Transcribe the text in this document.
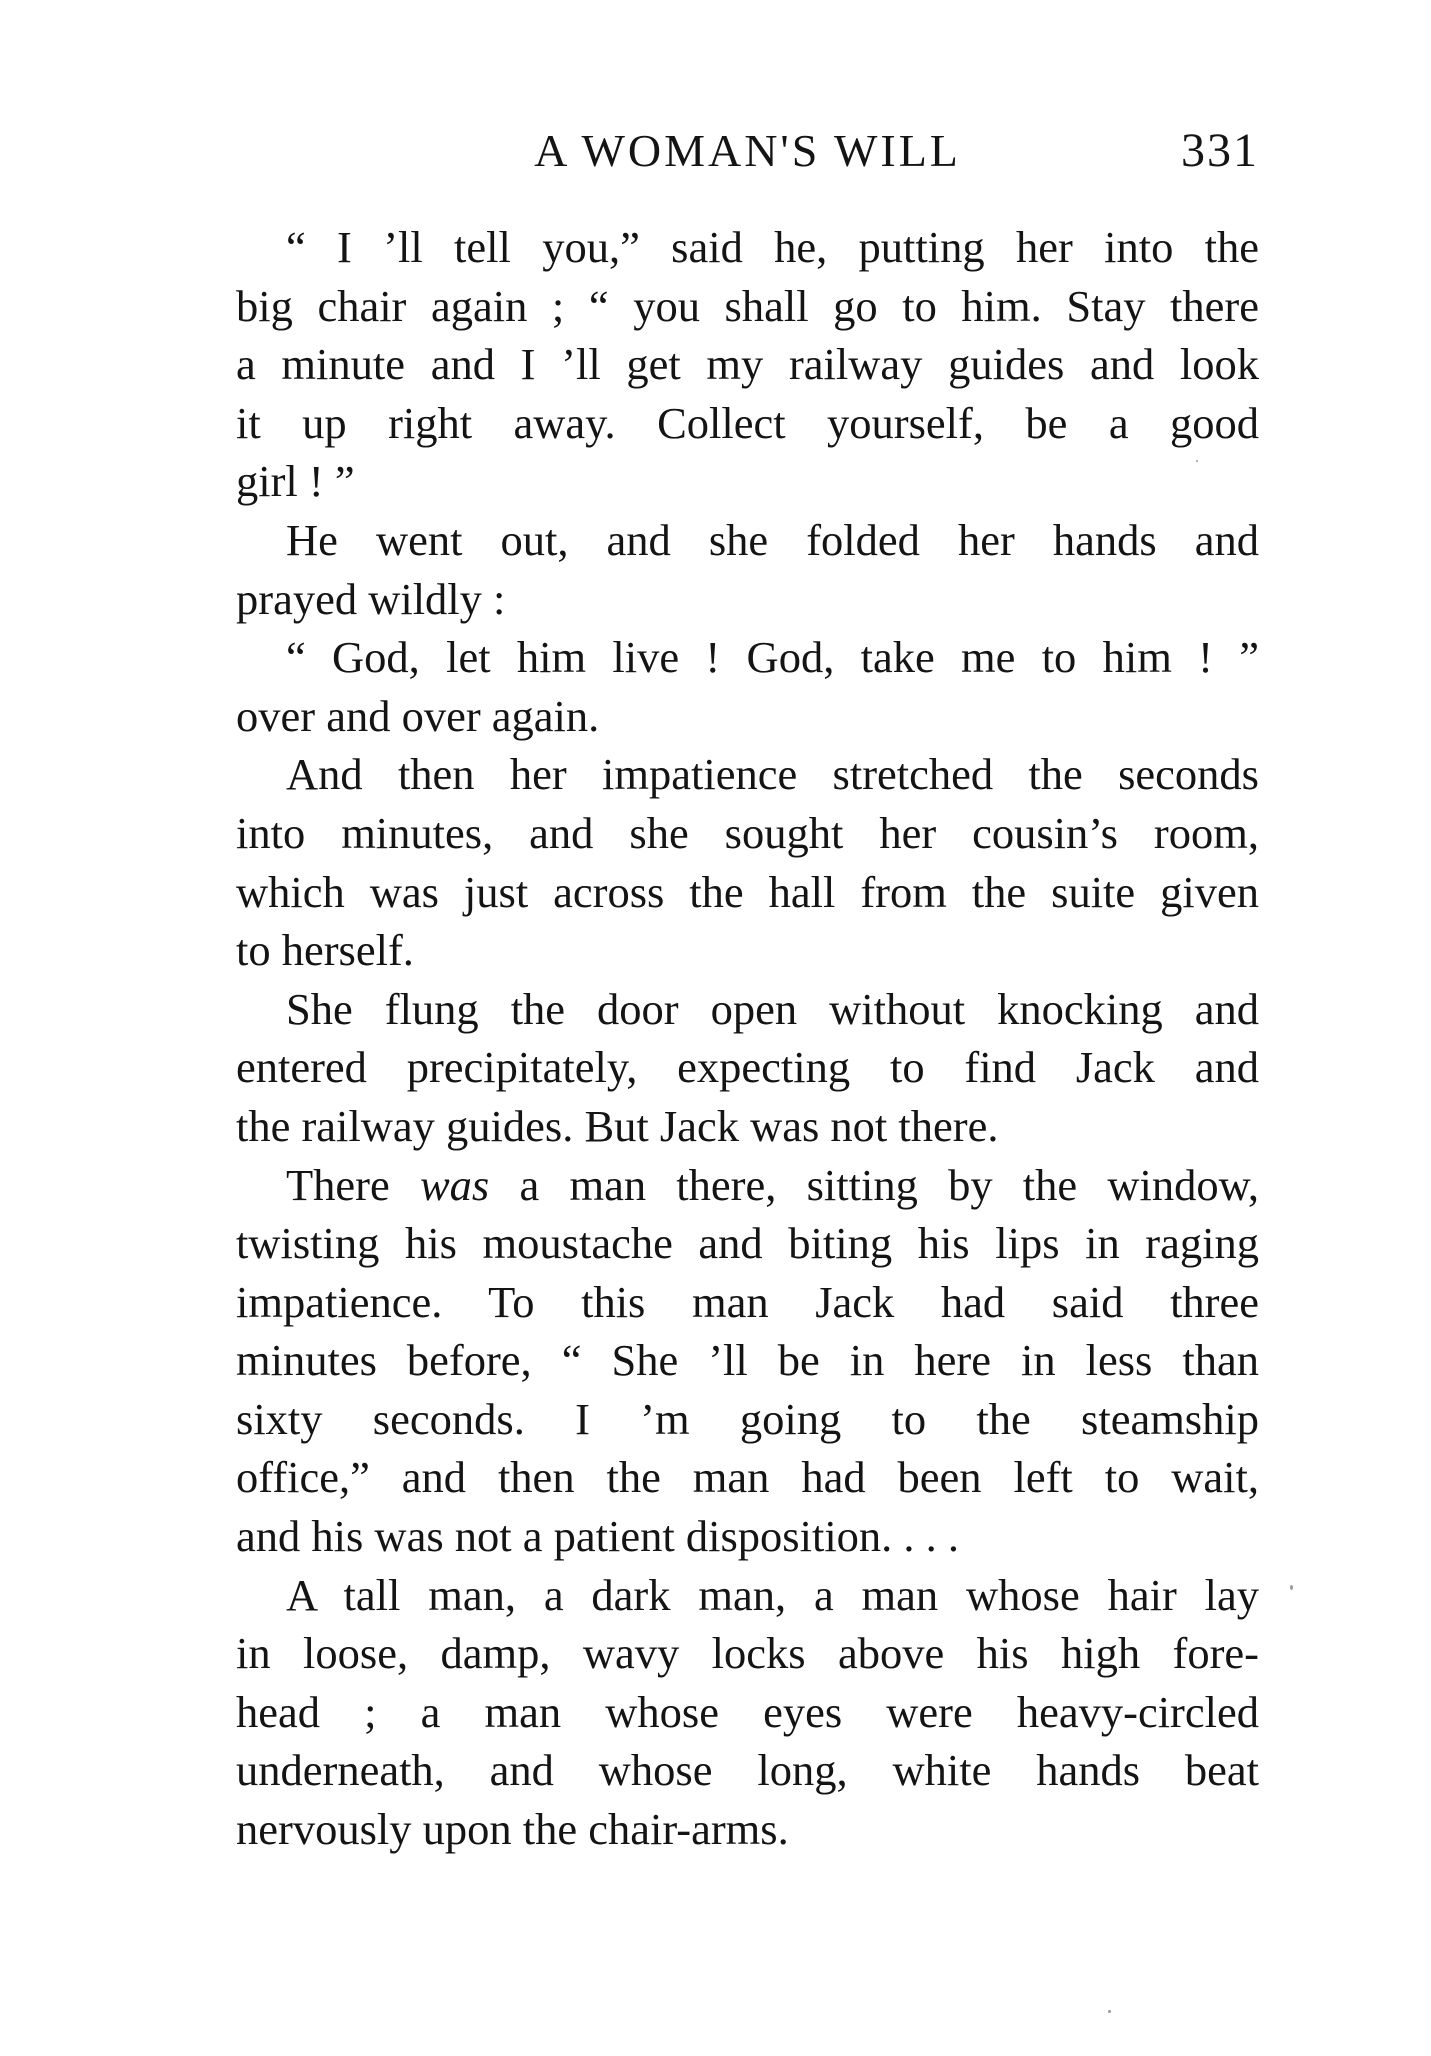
A WOMAN'S WILL	331

“ I ’ll tell you,” said he, putting her into the
big chair again ; “ you shall go to him. Stay there
a minute and I ’ll get my railway guides and look
it up right away. Collect yourself, be a good
girl ! ”

He went out, and she folded her hands and
prayed wildly :

“ God, let him live ! God, take me to him ! ”
over and over again.

And then her impatience stretched the seconds
into minutes, and she sought her cousin’s room,
which was just across the hall from the suite given
to herself.

She flung the door open without knocking and
entered precipitately, expecting to find Jack and
the railway guides. But Jack was not there.

There was a man there, sitting by the window,
twisting his moustache and biting his lips in raging
impatience. To this man Jack had said three
minutes before, “ She ’ll be in here in less than
sixty seconds. I ’m going to the steamship
office,” and then the man had been left to wait,
and his was not a patient disposition. . . .

A tall man, a dark man, a man whose hair lay
in loose, damp, wavy locks above his high fore-
head ; a man whose eyes were heavy-circled
underneath, and whose long, white hands beat
nervously upon the chair-arms.
